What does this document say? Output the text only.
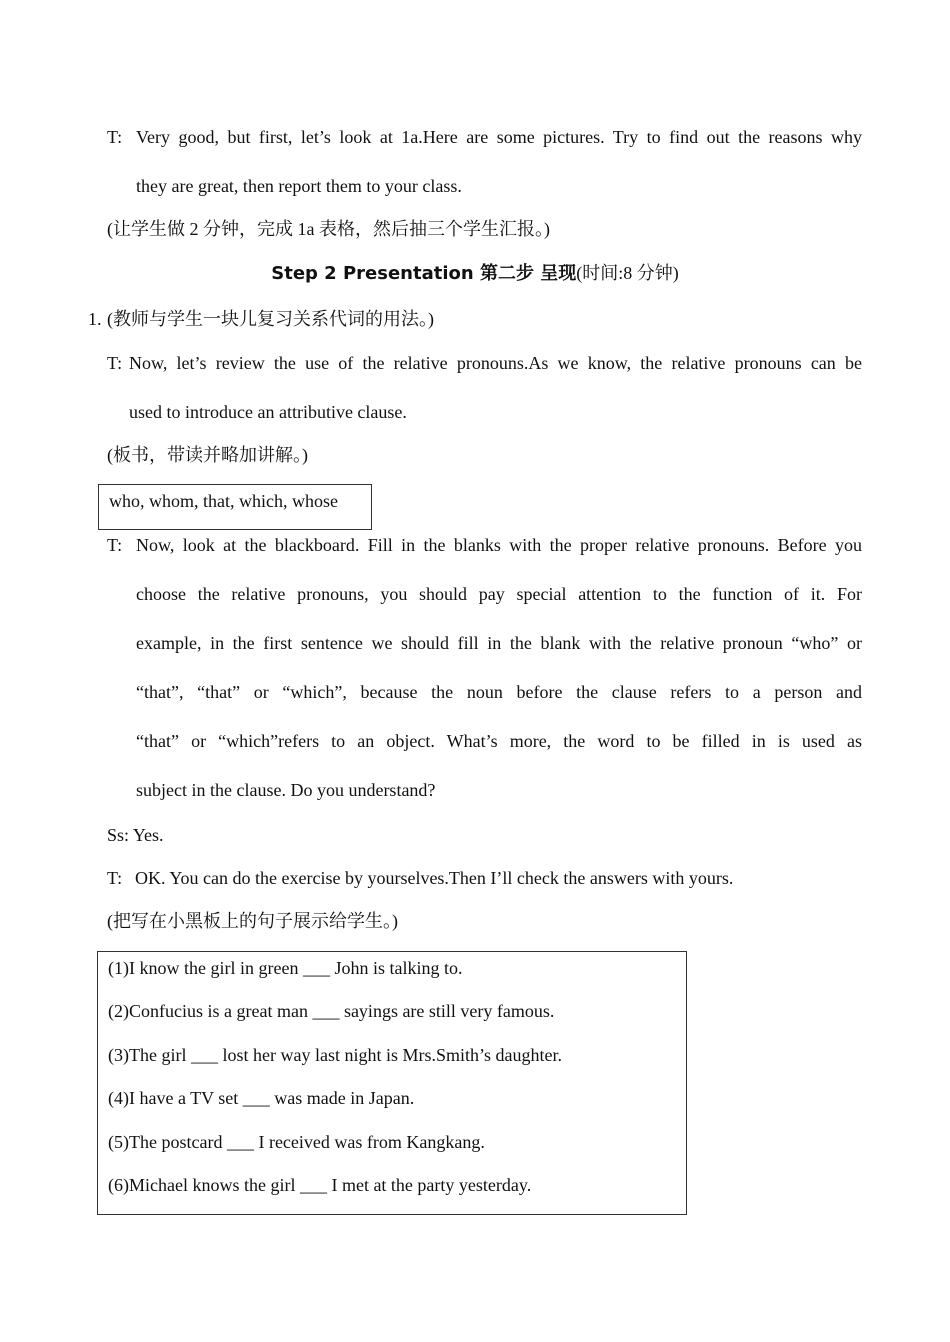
T: Very good, but first, let’s look at 1a.Here are some pictures. Try to find out the reasons why
they are great, then report them to your class.
(让学生做 2 分钟，完成 1a 表格，然后抽三个学生汇报。)
Step 2 Presentation 第二步 呈现(时间:8 分钟)
1. (教师与学生一块儿复习关系代词的用法。)
T: Now, let’s review the use of the relative pronouns.As we know, the relative pronouns can be
used to introduce an attributive clause.
(板书，带读并略加讲解。)
who, whom, that, which, whose
T: Now, look at the blackboard. Fill in the blanks with the proper relative pronouns. Before you
choose the relative pronouns, you should pay special attention to the function of it. For
example, in the first sentence we should fill in the blank with the relative pronoun “who” or
“that”, “that” or “which”, because the noun before the clause refers to a person and
“that” or “which”refers to an object. What’s more, the word to be filled in is used as
subject in the clause. Do you understand?
Ss: Yes.
T: OK. You can do the exercise by yourselves.Then I’ll check the answers with yours.
(把写在小黑板上的句子展示给学生。)
(1)I know the girl in green ___ John is talking to.
(2)Confucius is a great man ___ sayings are still very famous.
(3)The girl ___ lost her way last night is Mrs.Smith’s daughter.
(4)I have a TV set ___ was made in Japan.
(5)The postcard ___ I received was from Kangkang.
(6)Michael knows the girl ___ I met at the party yesterday.
